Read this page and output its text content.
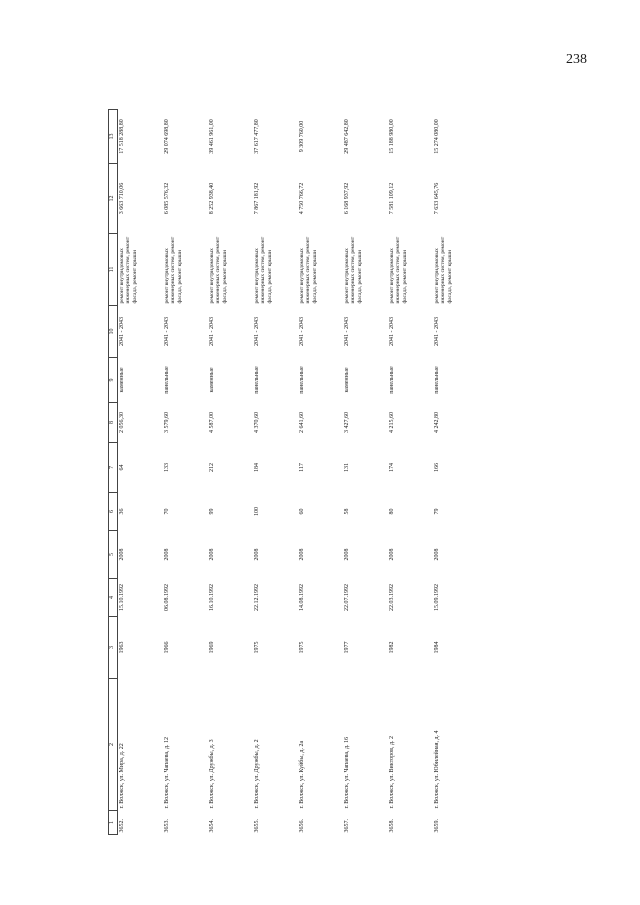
238
1	2	3	4	5	6	7	8	9	10	11	12	13
3652.	г. Волжск, ул. Мира, д. 22	1963	15.10.1992	2008	36	64	2 056,30	каменные	2041 - 2043	ремонт внутридомовых инженерных систем, ремонт фасада, ремонт крыши	3 663 710,06	17 518 288,80
3653.	г. Волжск, ул. Чапаева, д. 12	1966	06.08.1992	2008	70	133	3 579,60	панельные	2041 - 2043	ремонт внутридомовых инженерных систем, ремонт фасада, ремонт крыши	6 085 576,32	29 074 698,80
3654.	г. Волжск, ул. Дружбы, д. 3	1969	16.10.1992	2008	99	212	4 587,00	каменные	2041 - 2043	ремонт внутридомовых инженерных систем, ремонт фасада, ремонт крыши	8 252 938,40	39 461 961,00
3655.	г. Волжск, ул. Дружбы, д. 2	1975	22.12.1992	2008	100	184	4 370,60	панельные	2041 - 2043	ремонт внутридомовых инженерных систем, ремонт фасада, ремонт крыши	7 867 181,92	37 617 477,80
3656.	г. Волжск, ул. Куйбы, д. 2а	1975	14.08.1992	2008	60	117	2 641,60	панельные	2041 - 2043	ремонт внутридомовых инженерных систем, ремонт фасада, ремонт крыши	4 750 766,72	9 309 760,00
3657.	г. Волжск, ул. Чапаева, д. 16	1977	22.07.1992	2008	58	131	3 427,60	каменные	2041 - 2043	ремонт внутридомовых инженерных систем, ремонт фасада, ремонт крыши	6 168 937,92	29 487 642,80
3658.	г. Волжск, ул. Викторов, д. 2	1982	22.03.1992	2008	80	174	4 215,60	панельные	2041 - 2043	ремонт внутридомовых инженерных систем, ремонт фасада, ремонт крыши	7 581 109,12	15 188 980,00
3659.	г. Волжск, ул. Юбилейная, д. 4	1984	15.09.1992	2008	79	166	4 242,80	панельные	2041 - 2043	ремонт внутридомовых инженерных систем, ремонт фасада, ремонт крыши	7 633 645,76	15 274 080,00
